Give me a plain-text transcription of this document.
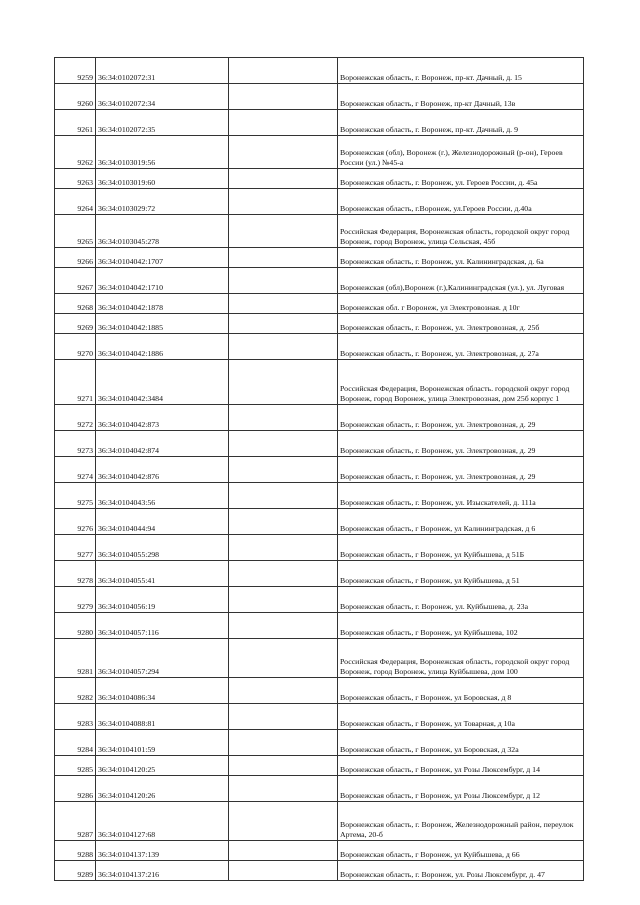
9259	36:34:0102072:31		Воронежская область, г. Воронеж, пр-кт. Дачный, д. 15
9260	36:34:0102072:34		Воронежская область, г Воронеж, пр-кт Дачный, 13в
9261	36:34:0102072:35		Воронежская область, г. Воронеж, пр-кт. Дачный, д. 9
9262	36:34:0103019:56		Воронежская (обл), Воронеж (г.), Железнодорожный (р-он), Героев России (ул.) №45-а
9263	36:34:0103019:60		Воронежская область, г. Воронеж, ул. Героев России, д. 45а
9264	36:34:0103029:72		Воронежская область, г.Воронеж, ул.Героев России, д.40а
9265	36:34:0103045:278		Российская Федерация, Воронежская область, городской округ город Воронеж, город Воронеж, улица Сельская, 45б
9266	36:34:0104042:1707		Воронежская область, г. Воронеж, ул. Калининградская, д. 6а
9267	36:34:0104042:1710		Воронежская (обл),Воронеж (г.),Калининградская (ул.), ул. Луговая
9268	36:34:0104042:1878		Воронежская обл. г Воронеж, ул Электровозная. д 10г
9269	36:34:0104042:1885		Воронежская область, г. Воронеж, ул. Электровозная, д. 25б
9270	36:34:0104042:1886		Воронежская область, г. Воронеж, ул. Электровозная, д. 27а
9271	36:34:0104042:3484		Российская Федерация, Воронежская область. городской округ город Воронеж, город Воронеж, улица Электровозная, дом 25б корпус 1
9272	36:34:0104042:873		Воронежская область, г. Воронеж, ул. Электровозная, д. 29
9273	36:34:0104042:874		Воронежская область, г. Воронеж, ул. Электровозная, д. 29
9274	36:34:0104042:876		Воронежская область, г. Воронеж, ул. Электровозная, д. 29
9275	36:34:0104043:56		Воронежская область, г. Воронеж, ул. Изыскателей, д. 111а
9276	36:34:0104044:94		Воронежская область, г Воронеж, ул Калининградская, д 6
9277	36:34:0104055:298		Воронежская область, г Воронеж, ул Куйбышева, д 51Б
9278	36:34:0104055:41		Воронежская область, г Воронеж, ул Куйбышева, д 51
9279	36:34:0104056:19		Воронежская область, г. Воронеж, ул. Куйбышева, д. 23а
9280	36:34:0104057:116		Воронежская область, г Воронеж, ул Куйбышева, 102
9281	36:34:0104057:294		Российская Федерация, Воронежская область, городской округ город Воронеж, город Воронеж, улица Куйбышева, дом 100
9282	36:34:0104086:34		Воронежская область, г Воронеж, ул Боровская, д 8
9283	36:34:0104088:81		Воронежская область, г Воронеж, ул Товарная, д 10а
9284	36:34:0104101:59		Воронежская область, г Воронеж, ул Боровская, д 32а
9285	36:34:0104120:25		Воронежская область, г Воронеж, ул Розы Люксембург, д 14
9286	36:34:0104120:26		Воронежская область, г Воронеж, ул Розы Люксембург, д 12
9287	36:34:0104127:68		Воронежская область, г. Воронеж, Железнодорожный район, переулок Артема, 20-б
9288	36:34:0104137:139		Воронежская область, г Воронеж, ул Куйбышева, д 66
9289	36:34:0104137:216		Воронежская область, г. Воронеж, ул. Розы Люксембург, д. 47
